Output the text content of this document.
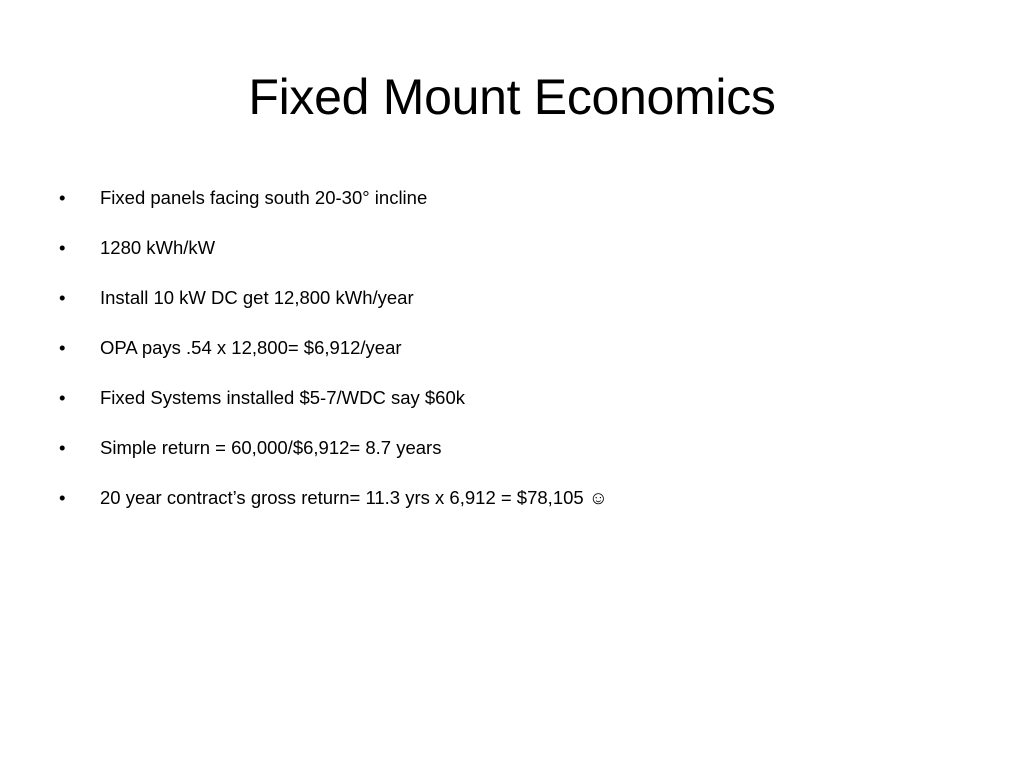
Fixed Mount Economics
•	Fixed panels facing south 20-30° incline
•	1280 kWh/kW
•	Install 10 kW DC get 12,800 kWh/year
•	OPA pays .54 x 12,800= $6,912/year
•	Fixed Systems installed $5-7/WDC say $60k
•	Simple return = 60,000/$6,912= 8.7 years
•	20 year contract’s gross return= 11.3 yrs x 6,912 = $78,105 ☺
